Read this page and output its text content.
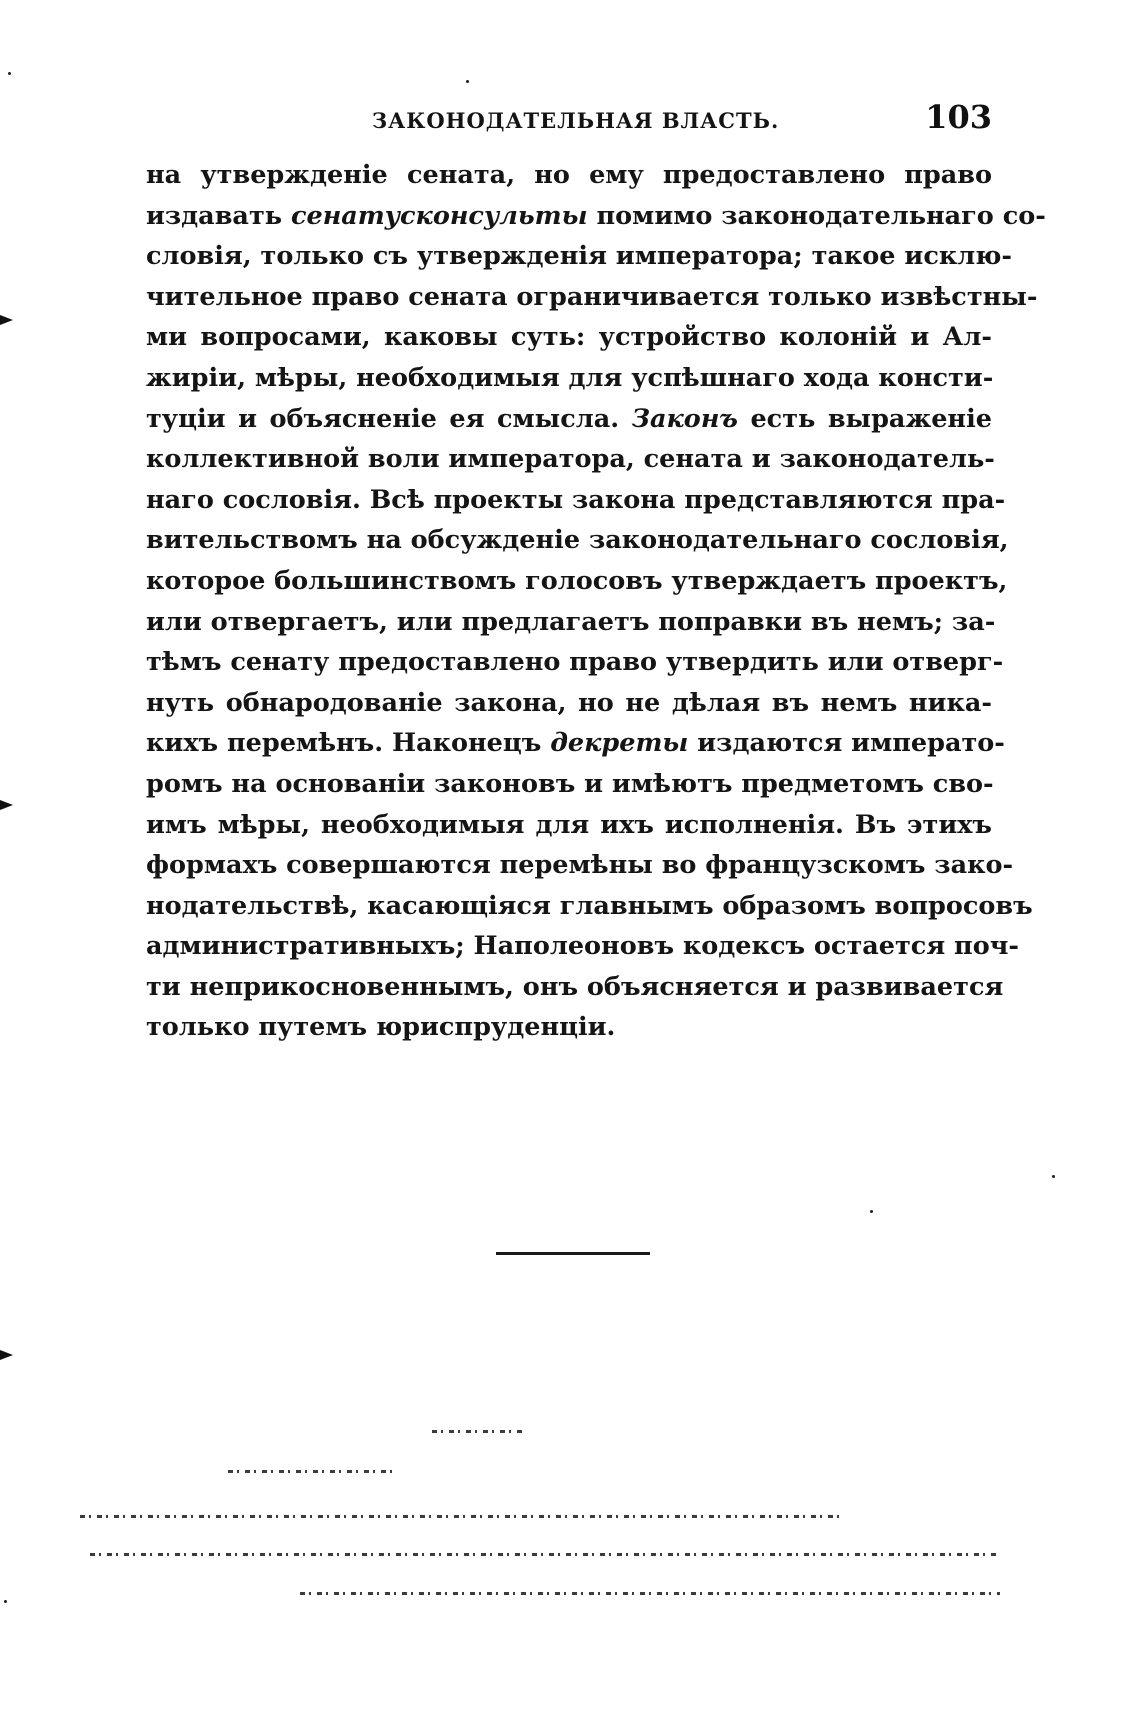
ЗАКОНОДАТЕЛЬНАЯ ВЛАСТЬ.	103
на утвержденіе сената, но ему предоставлено право
издавать сенатусконсульты помимо законодательнаго со-
словія, только съ утвержденія императора; такое исклю-
чительное право сената ограничивается только извѣстны-
ми вопросами, каковы суть: устройство колоній и Ал-
жиріи, мѣры, необходимыя для успѣшнаго хода консти-
туціи и объясненіе ея смысла. Законъ есть выраженіе
коллективной воли императора, сената и законодатель-
наго сословія. Всѣ проекты закона представляются пра-
вительствомъ на обсужденіе законодательнаго сословія,
которое большинствомъ голосовъ утверждаетъ проектъ,
или отвергаетъ, или предлагаетъ поправки въ немъ; за-
тѣмъ сенату предоставлено право утвердить или отверг-
нуть обнародованіе закона, но не дѣлая въ немъ ника-
кихъ перемѣнъ. Наконецъ декреты издаются императо-
ромъ на основаніи законовъ и имѣютъ предметомъ сво-
имъ мѣры, необходимыя для ихъ исполненія. Въ этихъ
формахъ совершаются перемѣны во французскомъ зако-
нодательствѣ, касающіяся главнымъ образомъ вопросовъ
административныхъ; Наполеоновъ кодексъ остается поч-
ти неприкосновеннымъ, онъ объясняется и развивается
только путемъ юриспруденціи.
